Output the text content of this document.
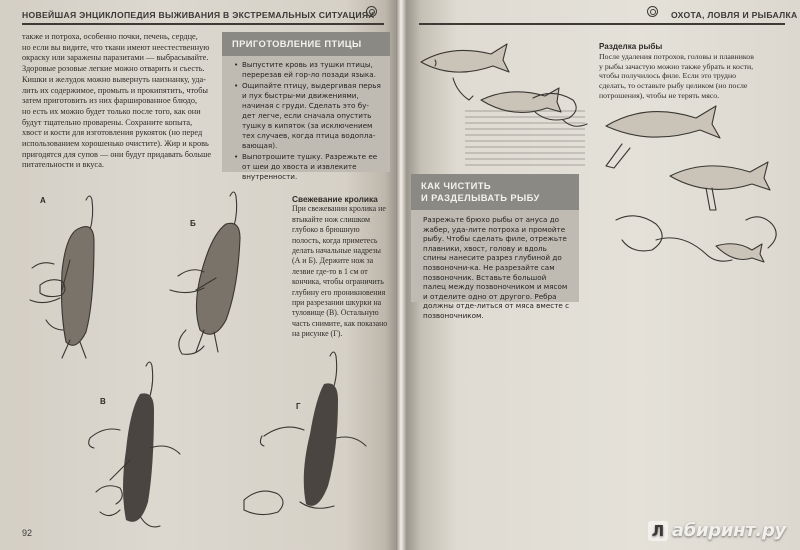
НОВЕЙШАЯ ЭНЦИКЛОПЕДИЯ ВЫЖИВАНИЯ В ЭКСТРЕМАЛЬНЫХ СИТУАЦИЯХ

также и потроха, особенно почки, печень, сердце,
но если вы видите, что ткани имеют неестественную
окраску или заражены паразитами — выбрасывайте.
Здоровые розовые легкие можно отварить и съесть.
Кишки и желудок можно вывернуть наизнанку, уда-
лить их содержимое, промыть и прокипятить, чтобы
затем приготовить из них фаршированное блюдо,
но есть их можно будет только после того, как они
будут тщательно проварены. Сохраните копыта,
хвост и кости для изготовления рукояток (но перед
использованием хорошенько очистите). Жир и кровь
пригодятся для супов — они будут придавать больше
питательности и вкуса.

ПРИГОТОВЛЕНИЕ ПТИЦЫ
• Выпустите кровь из тушки птицы, перерезав ей гор-ло позади языка.
• Ощипайте птицу, выдергивая перья и пух быстры-ми движениями, начиная с груди. Сделать это бу-дет легче, если сначала опустить тушку в кипяток (за исключением тех случаев, когда птица водопла-вающая).
• Выпотрошите тушку. Разрежьте ее от шеи до хвоста и извлеките внутренности.
Свежевание кролика
При свежевании кролика не втыкайте нож слишком глубоко в брюшную полость, когда приметесь делать начальные надрезы (А и Б). Держите нож за лезвие где-то в 1 см от кончика, чтобы ограничить глубину его проникновения при разрезании шкурки на туловище (В). Остальную часть снимите, как показано на рисунке (Г).
А
Б
В
Г
92
ОХОТА, ЛОВЛЯ И РЫБАЛКА
Разделка рыбы
После удаления потрохов, головы и плавников у рыбы зачастую можно также убрать и кости, чтобы получилось филе. Если это трудно сделать, то оставьте рыбу целиком (но после потрошения), чтобы не терять мясо.
КАК ЧИСТИТЬ
И РАЗДЕЛЫВАТЬ РЫБУ
Разрежьте брюхо рыбы от ануса до жабер, уда-лите потроха и промойте рыбу. Чтобы сделать филе, отрежьте плавники, хвост, голову и вдоль спины нанесите разрез глубиной до позвоночни-ка. Не разрезайте сам позвоночник. Вставьте большой палец между позвоночником и мясом и отделите одно от другого. Ребра должны отде-литься от мяса вместе с позвоночником.
Л абиринт.ру
